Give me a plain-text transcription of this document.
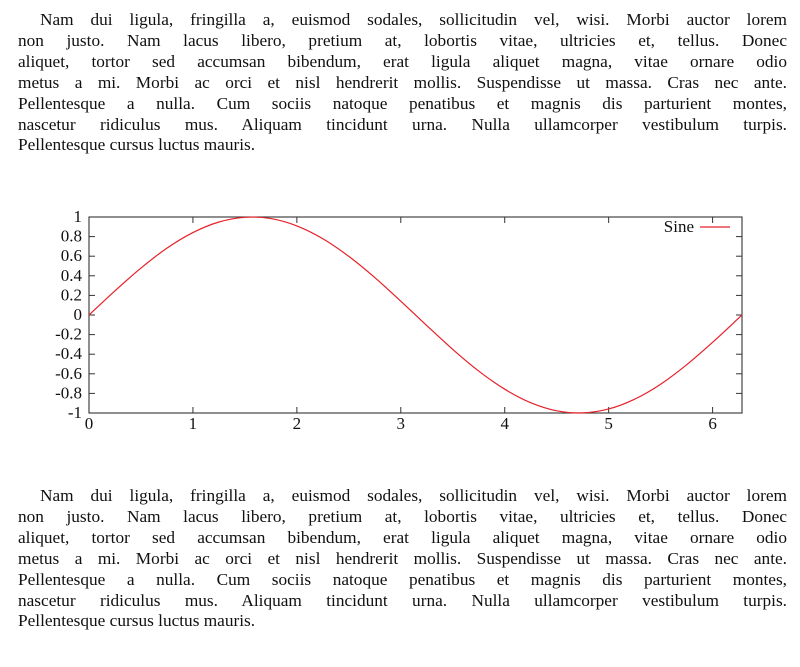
Nam dui ligula, fringilla a, euismod sodales, sollicitudin vel, wisi. Morbi auctor lorem
non justo. Nam lacus libero, pretium at, lobortis vitae, ultricies et, tellus. Donec
aliquet, tortor sed accumsan bibendum, erat ligula aliquet magna, vitae ornare odio
metus a mi. Morbi ac orci et nisl hendrerit mollis. Suspendisse ut massa. Cras nec ante.
Pellentesque a nulla. Cum sociis natoque penatibus et magnis dis parturient montes,
nascetur ridiculus mus. Aliquam tincidunt urna. Nulla ullamcorper vestibulum turpis.
Pellentesque cursus luctus mauris.
0	1	2	3	4	5	6
1
0.8
0.6
0.4
0.2
0
-0.2
-0.4
-0.6
-0.8
-1
Sine
Nam dui ligula, fringilla a, euismod sodales, sollicitudin vel, wisi. Morbi auctor lorem
non justo. Nam lacus libero, pretium at, lobortis vitae, ultricies et, tellus. Donec
aliquet, tortor sed accumsan bibendum, erat ligula aliquet magna, vitae ornare odio
metus a mi. Morbi ac orci et nisl hendrerit mollis. Suspendisse ut massa. Cras nec ante.
Pellentesque a nulla. Cum sociis natoque penatibus et magnis dis parturient montes,
nascetur ridiculus mus. Aliquam tincidunt urna. Nulla ullamcorper vestibulum turpis.
Pellentesque cursus luctus mauris.
